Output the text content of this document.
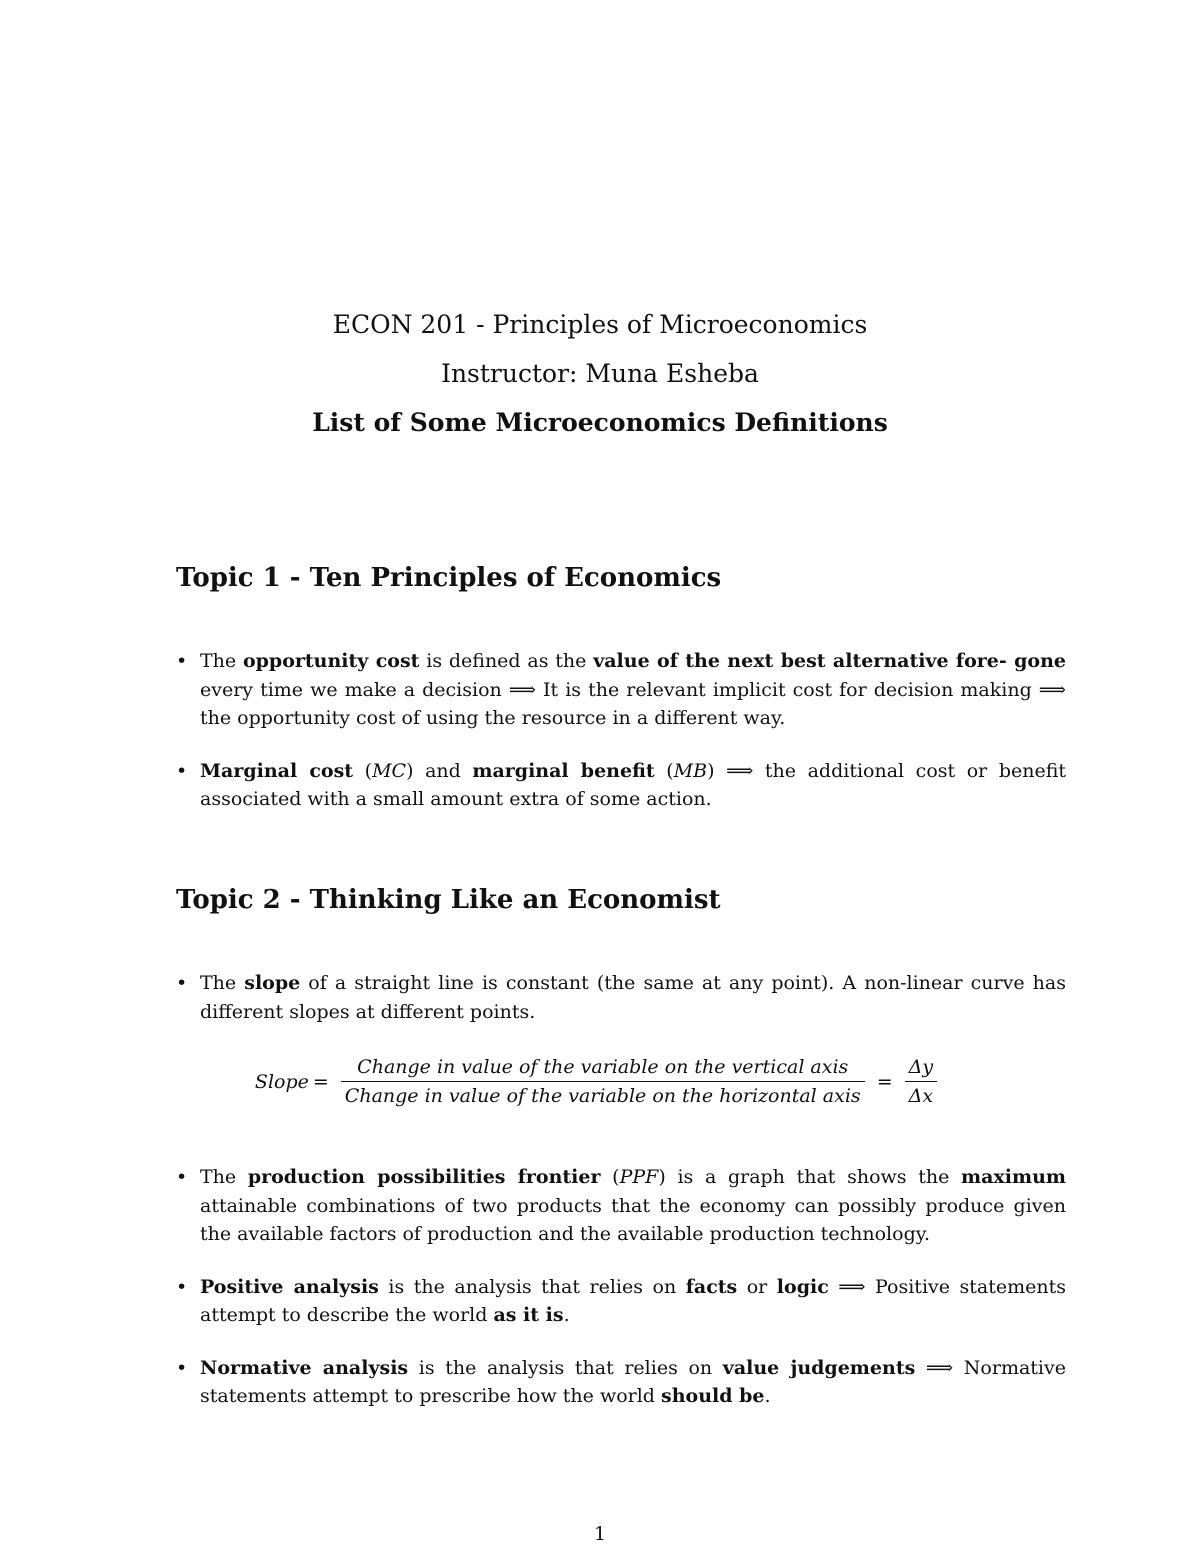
ECON 201 - Principles of Microeconomics
Instructor: Muna Esheba
List of Some Microeconomics Definitions
Topic 1 - Ten Principles of Economics
• The opportunity cost is defined as the value of the next best alternative fore- gone every time we make a decision ⟹ It is the relevant implicit cost for decision making ⟹ the opportunity cost of using the resource in a different way.
• Marginal cost (MC) and marginal benefit (MB) ⟹ the additional cost or benefit associated with a small amount extra of some action.
Topic 2 - Thinking Like an Economist
• The slope of a straight line is constant (the same at any point). A non-linear curve has different slopes at different points.
Slope = $\frac{\text{Change in value of the variable on the vertical axis}}{\text{Change in value of the variable on the horizontal axis}} = \frac{\Delta y}{\Delta x}$
• The production possibilities frontier (PPF) is a graph that shows the maximum attainable combinations of two products that the economy can possibly produce given the available factors of production and the available production technology.
• Positive analysis is the analysis that relies on facts or logic ⟹ Positive statements attempt to describe the world as it is.
• Normative analysis is the analysis that relies on value judgements ⟹ Normative statements attempt to prescribe how the world should be.
1
